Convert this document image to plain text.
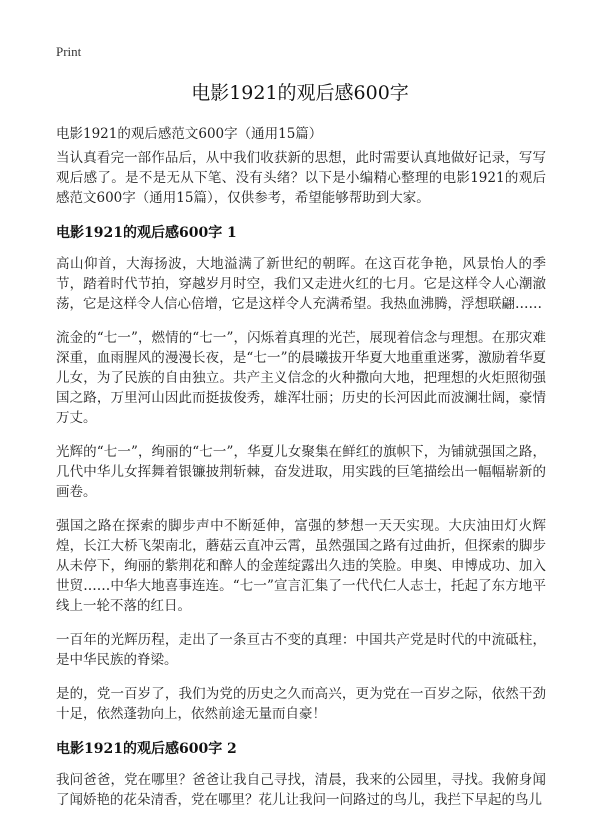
Print
电影1921的观后感600字
电影1921的观后感范文600字（通用15篇）

当认真看完一部作品后，从中我们收获新的思想，此时需要认真地做好记录，写写观后感了。是不是无从下笔、没有头绪？以下是小编精心整理的电影1921的观后感范文600字（通用15篇），仅供参考，希望能够帮助到大家。

电影1921的观后感600字 1

高山仰首，大海扬波，大地溢满了新世纪的朝晖。在这百花争艳，风景怡人的季节，踏着时代节拍，穿越岁月时空，我们又走进火红的七月。它是这样令人心潮澈荡，它是这样令人信心倍增，它是这样令人充满希望。我热血沸腾，浮想联翩……

流金的“七一”，燃情的“七一”，闪烁着真理的光芒，展现着信念与理想。在那灾难深重，血雨腥风的漫漫长夜，是“七一”的晨曦拔开华夏大地重重迷雾，激励着华夏儿女，为了民族的自由独立。共产主义信念的火种撒向大地，把理想的火炬照彻强国之路，万里河山因此而挺拔俊秀，雄浑壮丽；历史的长河因此而波澜壮阔，豪情万丈。

光辉的“七一”，绚丽的“七一”，华夏儿女聚集在鲜红的旗帜下，为铺就强国之路，几代中华儿女挥舞着银镰披荆斩棘，奋发进取，用实践的巨笔描绘出一幅幅崭新的画卷。

强国之路在探索的脚步声中不断延伸，富强的梦想一天天实现。大庆油田灯火辉煌，长江大桥飞架南北，蘑菇云直冲云霄，虽然强国之路有过曲折，但探索的脚步从未停下，绚丽的紫荆花和醉人的金莲绽露出久违的笑脸。申奥、申博成功、加入世贸……中华大地喜事连连。“七一”宣言汇集了一代代仁人志士，托起了东方地平线上一轮不落的红日。

一百年的光辉历程，走出了一条亘古不变的真理：中国共产党是时代的中流砥柱，是中华民族的脊梁。

是的，党一百岁了，我们为党的历史之久而高兴，更为党在一百岁之际，依然干劲十足，依然蓬勃向上，依然前途无量而自豪！

电影1921的观后感600字 2

我问爸爸，党在哪里？爸爸让我自己寻找，清晨，我来的公园里，寻找。我俯身闻了闻娇艳的花朵清香，党在哪里？花儿让我问一问路过的鸟儿，我拦下早起的鸟儿
